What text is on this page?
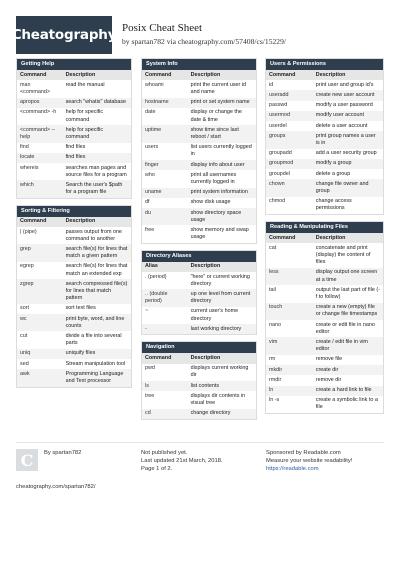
Cheatography Posix Cheat Sheet
by spartan782 via cheatography.com/57408/cs/15229/
Getting Help
Command	Description
man <command>	read the manual
apropos	search "whatis" database
<command> -h	help for specific command
<command> --help	help for specific command
find	find files
locate	find files
whereis	searches man pages and source files for a program
which	Search the user's $path for a program file
Sorting & Filtering
Command	Description
| (pipe)	passes output from one command to another
grep	search file(s) for lines that match a given pattern
egrep	search file(s) for lines that match an extended exp
zgrep	search compressed file(s) for lines that match pattern
sort	sort text files
wc	print byte, word, and line counts
cut	divide a file into several parts
uniq	uniquify files
sed	Stream manipulation tool
awk	Programming Language and Text processor
System Info
Command	Description
whoami	print the current user id and name
hostname	print or set system name
date	display or change the date & time
uptime	show time since last reboot / start
users	list users currently logged in
finger	display info about user
who	print all usernames currently logged in
uname	print system information
df	show disk usage
du	show directory space usage
free	show memory and swap usage
Directory Aliases
Alias	Description
. (period)	"here" or current working directory
.. (double period)	up one level from current directory
~	current user's home directory
-	last working directory
Navigation
Command	Description
pwd	displays current working dir
ls	list contents
tree	displays dir contents in visual tree
cd	change directory
Users & Permissions
Command	Description
id	print user and group id's
useradd	create new user account
passwd	modify a user password
usermod	modify user account
userdel	delete a user account
groups	print group names a user is in
groupadd	add a user security group
groupmod	modify a group
groupdel	delete a group
chown	change file owner and group
chmod	change access permissions
Reading & Manipulating Files
Command	Description
cat	concatenate and print (display) the content of files
less	display output one screen at a time
tail	output the last part of file (-f to follow)
touch	create a new (empty) file or change file timestamps
nano	create or edit file in nano editor
vim	create / edit file in vim editor
rm	remove file
mkdir	create dir
rmdir	remove dir
ln	create a hard link to file
ln -s	create a symbolic link to a file
C	By spartan782
cheatography.com/spartan782/
Not published yet.
Last updated 21st March, 2018.
Page 1 of 2.
Sponsored by Readable.com
Measure your website readability!
https://readable.com
